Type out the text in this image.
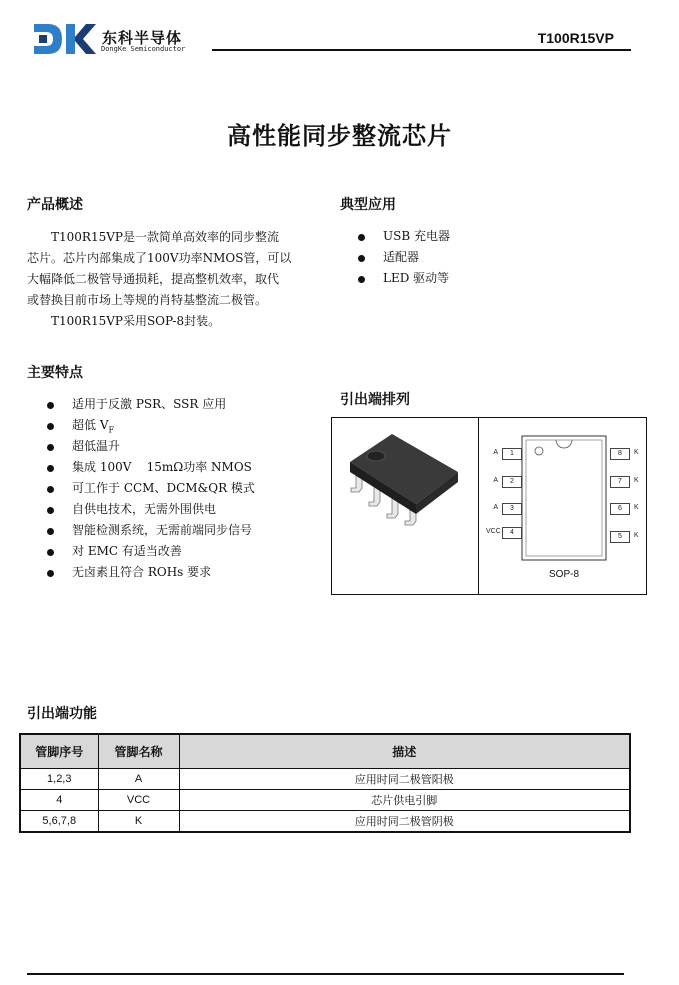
东科半导体
DongKe Semiconductor
T100R15VP
高性能同步整流芯片
产品概述

T100R15VP是一款简单高效率的同步整流

芯片。芯片内部集成了100V功率NMOS管，可以

大幅降低二极管导通损耗，提高整机效率，取代

或替换目前市场上等规的肖特基整流二极管。

T100R15VP采用SOP-8封装。

典型应用
USB 充电器
适配器
LED 驱动等
主要特点
适用于反激 PSR、SSR 应用
超低 $V_F$
超低温升
集成 100V    15mΩ功率 NMOS
可工作于 CCM、DCM&QR 模式
自供电技术，无需外围供电
智能检测系统，无需前端同步信号
对 EMC 有适当改善
无卤素且符合 ROHs 要求
引出端排列
A	1
A	2
A	3
VCC	4
8	K
7	K
6	K
5	K
SOP-8
引出端功能
管脚序号	管脚名称	描述
1,2,3	A	应用时同二极管阳极
4	VCC	芯片供电引脚
5,6,7,8	K	应用时同二极管阴极
